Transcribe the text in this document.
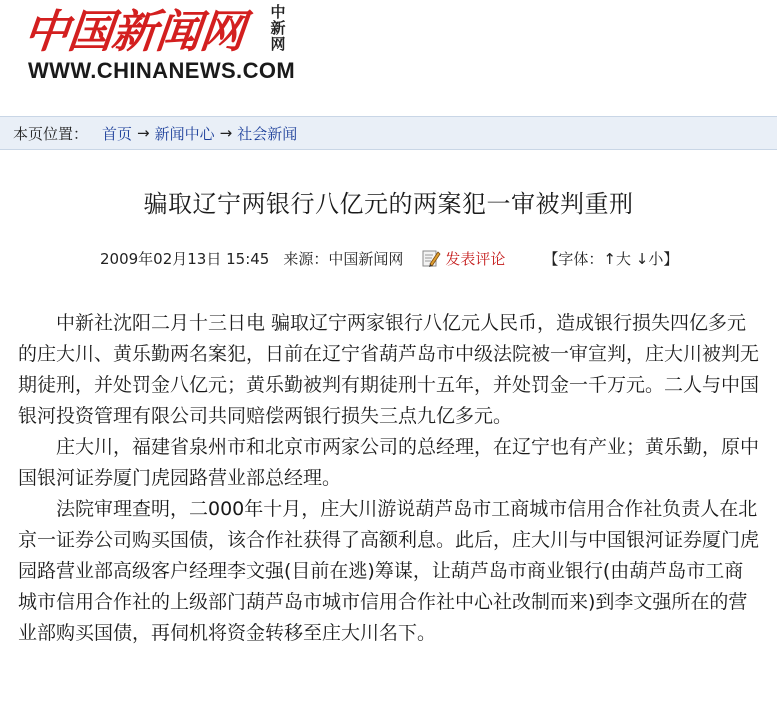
中国新闻网 中新网
WWW.CHINANEWS.COM
本页位置： 首页 → 新闻中心 → 社会新闻
骗取辽宁两银行八亿元的两案犯一审被判重刑
2009年02月13日 15:45 来源： 中国新闻网	发表评论	【字体：↑大 ↓小】

中新社沈阳二月十三日电 骗取辽宁两家银行八亿元人民币，造成银行损失四亿多元的庄大川、黄乐勤两名案犯，日前在辽宁省葫芦岛市中级法院被一审宣判，庄大川被判无期徒刑，并处罚金八亿元；黄乐勤被判有期徒刑十五年，并处罚金一千万元。二人与中国银河投资管理有限公司共同赔偿两银行损失三点九亿多元。

庄大川，福建省泉州市和北京市两家公司的总经理，在辽宁也有产业；黄乐勤，原中国银河证券厦门虎园路营业部总经理。

法院审理查明，二000年十月，庄大川游说葫芦岛市工商城市信用合作社负责人在北京一证券公司购买国债，该合作社获得了高额利息。此后，庄大川与中国银河证券厦门虎园路营业部高级客户经理李文强(目前在逃)筹谋，让葫芦岛市商业银行(由葫芦岛市工商城市信用合作社的上级部门葫芦岛市城市信用合作社中心社改制而来)到李文强所在的营业部购买国债，再伺机将资金转移至庄大川名下。
